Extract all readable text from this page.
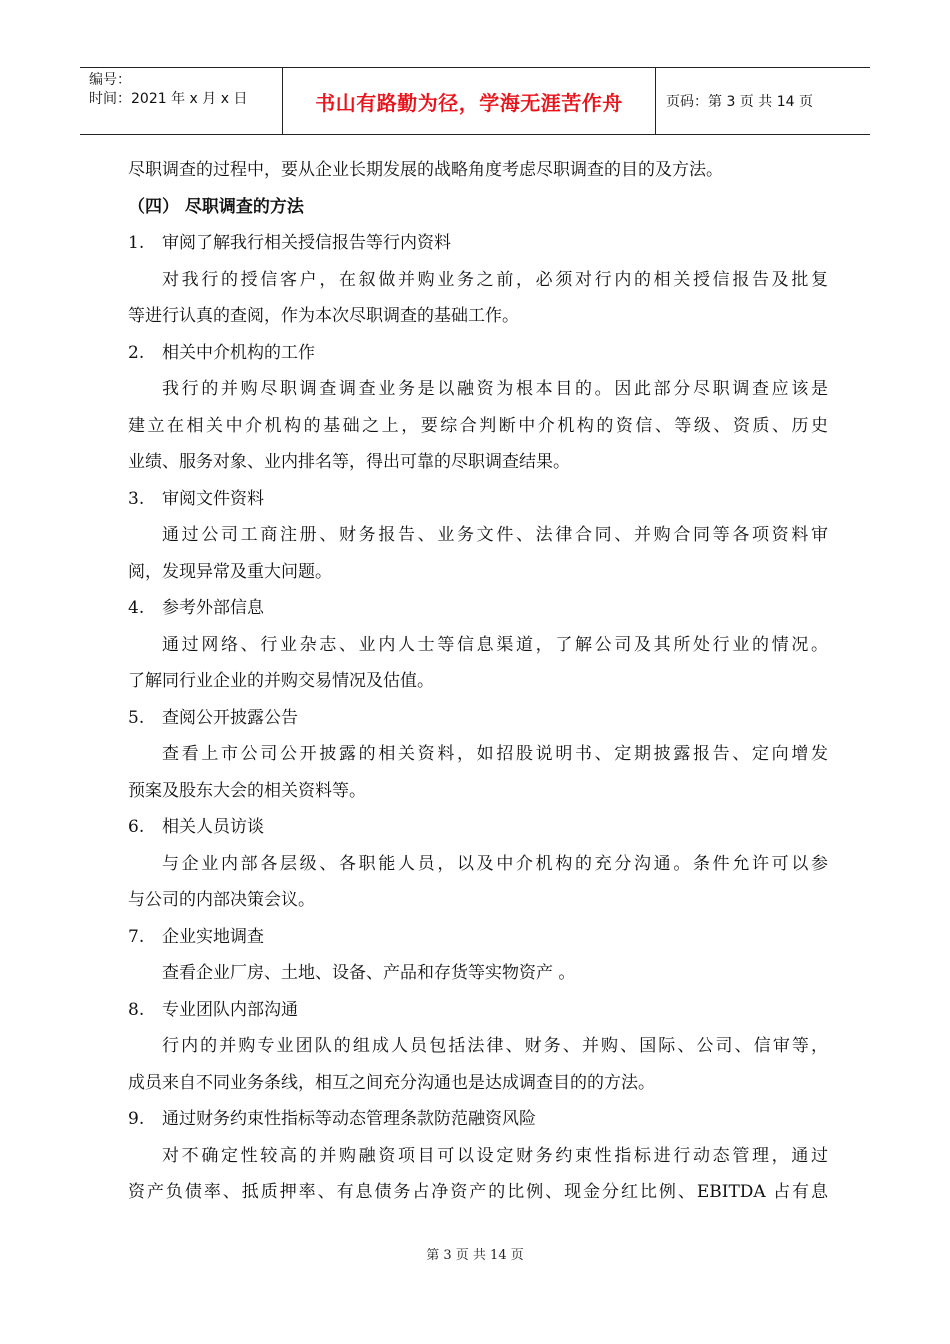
编号：
时间：2021 年 x 月 x 日	书山有路勤为径，学海无涯苦作舟	页码：第 3 页 共 14 页
尽职调查的过程中，要从企业长期发展的战略角度考虑尽职调查的目的及方法。
（四） 尽职调查的方法
1. 审阅了解我行相关授信报告等行内资料
对我行的授信客户，在叙做并购业务之前，必须对行内的相关授信报告及批复
等进行认真的查阅，作为本次尽职调查的基础工作。
2. 相关中介机构的工作
我行的并购尽职调查调查业务是以融资为根本目的。因此部分尽职调查应该是
建立在相关中介机构的基础之上，要综合判断中介机构的资信、等级、资质、历史
业绩、服务对象、业内排名等，得出可靠的尽职调查结果。
3. 审阅文件资料
通过公司工商注册、财务报告、业务文件、法律合同、并购合同等各项资料审
阅，发现异常及重大问题。
4. 参考外部信息
通过网络、行业杂志、业内人士等信息渠道，了解公司及其所处行业的情况。
了解同行业企业的并购交易情况及估值。
5. 查阅公开披露公告
查看上市公司公开披露的相关资料，如招股说明书、定期披露报告、定向增发
预案及股东大会的相关资料等。
6. 相关人员访谈
与企业内部各层级、各职能人员，以及中介机构的充分沟通。条件允许可以参
与公司的内部决策会议。
7. 企业实地调查
查看企业厂房、土地、设备、产品和存货等实物资产 。
8. 专业团队内部沟通
行内的并购专业团队的组成人员包括法律、财务、并购、国际、公司、信审等，
成员来自不同业务条线，相互之间充分沟通也是达成调查目的的方法。
9. 通过财务约束性指标等动态管理条款防范融资风险
对不确定性较高的并购融资项目可以设定财务约束性指标进行动态管理，通过
资产负债率、抵质押率、有息债务占净资产的比例、现金分红比例、EBITDA 占有息
第 3 页 共 14 页
